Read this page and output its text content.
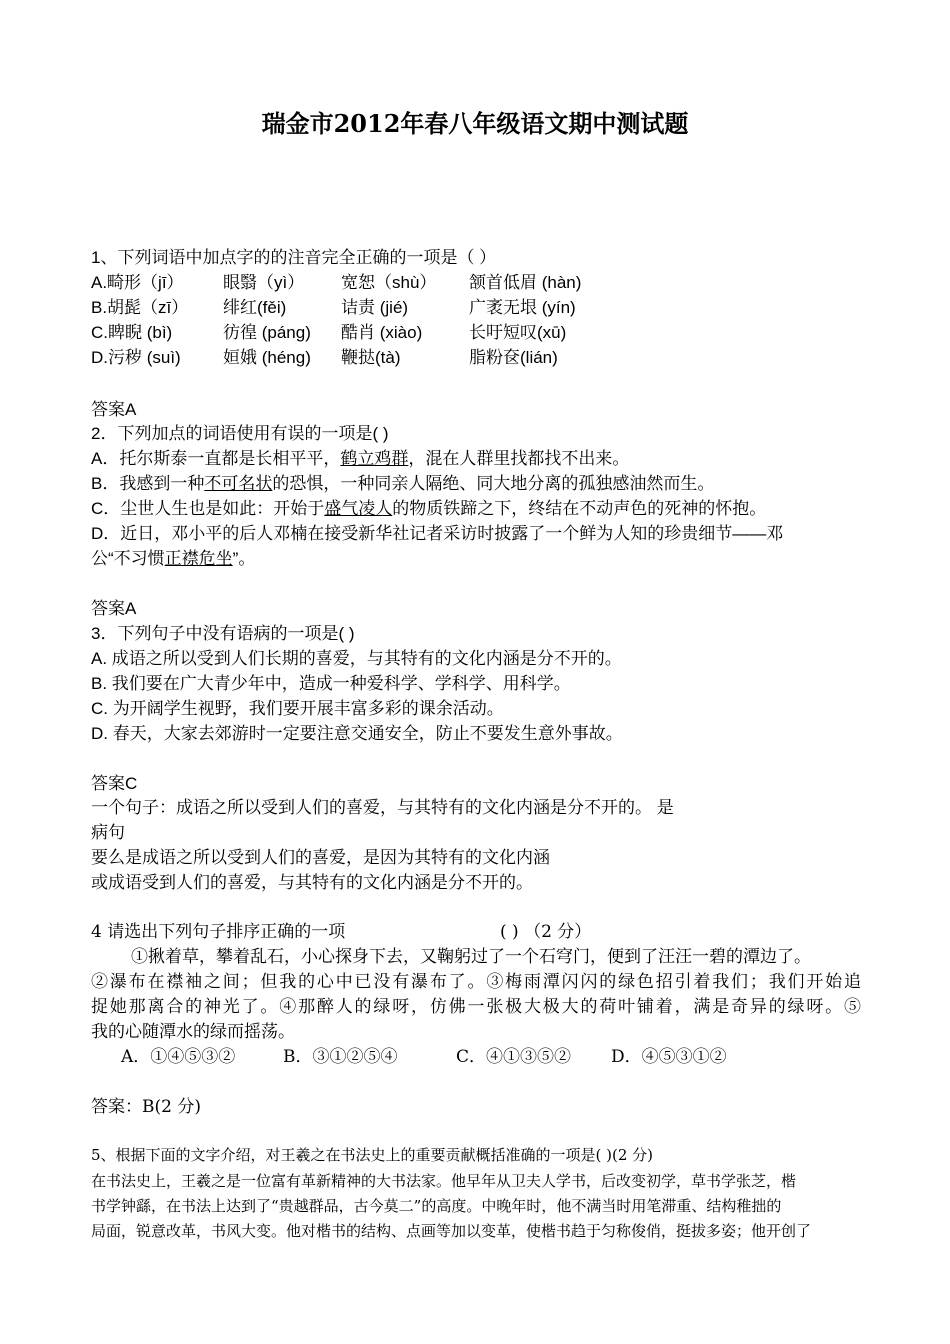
瑞金市2012年春八年级语文期中测试题
1、下列词语中加点字的的注音完全正确的一项是（ ）
A.畸形（jī）	眼翳（yì）	宽恕（shù）	颔首低眉 (hàn)
B.胡髭（zī）	绯红(fěi)	诘责 (jié)	广袤无垠 (yín)
C.睥睨 (bì)	彷徨 (páng)	酷肖 (xiào)	长吁短叹(xū)
D.污秽 (suì)	姮娥 (héng)	鞭挞(tà)	脂粉奁(lián)
答案A
2．下列加点的词语使用有误的一项是( )
A．托尔斯泰一直都是长相平平，鹤立鸡群，混在人群里找都找不出来。
B．我感到一种不可名状的恐惧，一种同亲人隔绝、同大地分离的孤独感油然而生。
C．尘世人生也是如此：开始于盛气凌人的物质铁蹄之下，终结在不动声色的死神的怀抱。
D．近日，邓小平的后人邓楠在接受新华社记者采访时披露了一个鲜为人知的珍贵细节——邓
公“不习惯正襟危坐”。
答案A
3．下列句子中没有语病的一项是( )
A. 成语之所以受到人们长期的喜爱，与其特有的文化内涵是分不开的。
B. 我们要在广大青少年中，造成一种爱科学、学科学、用科学。
C. 为开阔学生视野，我们要开展丰富多彩的课余活动。
D. 春天，大家去郊游时一定要注意交通安全，防止不要发生意外事故。
答案C
一个句子：成语之所以受到人们的喜爱，与其特有的文化内涵是分不开的。 是
病句
要么是成语之所以受到人们的喜爱，是因为其特有的文化内涵
或成语受到人们的喜爱，与其特有的文化内涵是分不开的。
4 请选出下列句子排序正确的一项	( ) （2 分）
①揪着草，攀着乱石，小心探身下去，又鞠躬过了一个石穹门，便到了汪汪一碧的潭边了。
②瀑布在襟袖之间；但我的心中已没有瀑布了。③梅雨潭闪闪的绿色招引着我们；我们开始追
捉她那离合的神光了。④那醉人的绿呀，仿佛一张极大极大的荷叶铺着，满是奇异的绿呀。⑤
我的心随潭水的绿而摇荡。
A．①④⑤③②	B．③①②⑤④	C．④①③⑤② D．④⑤③①②
答案：B(2 分)
5、根据下面的文字介绍，对王羲之在书法史上的重要贡献概括准确的一项是( )(2 分)
在书法史上，王羲之是一位富有革新精神的大书法家。他早年从卫夫人学书，后改变初学，草书学张芝，楷
书学钟繇，在书法上达到了“贵越群品，古今莫二”的高度。中晚年时，他不满当时用笔滞重、结构稚拙的
局面，锐意改革，书风大变。他对楷书的结构、点画等加以变革，使楷书趋于匀称俊俏，挺拔多姿；他开创了
